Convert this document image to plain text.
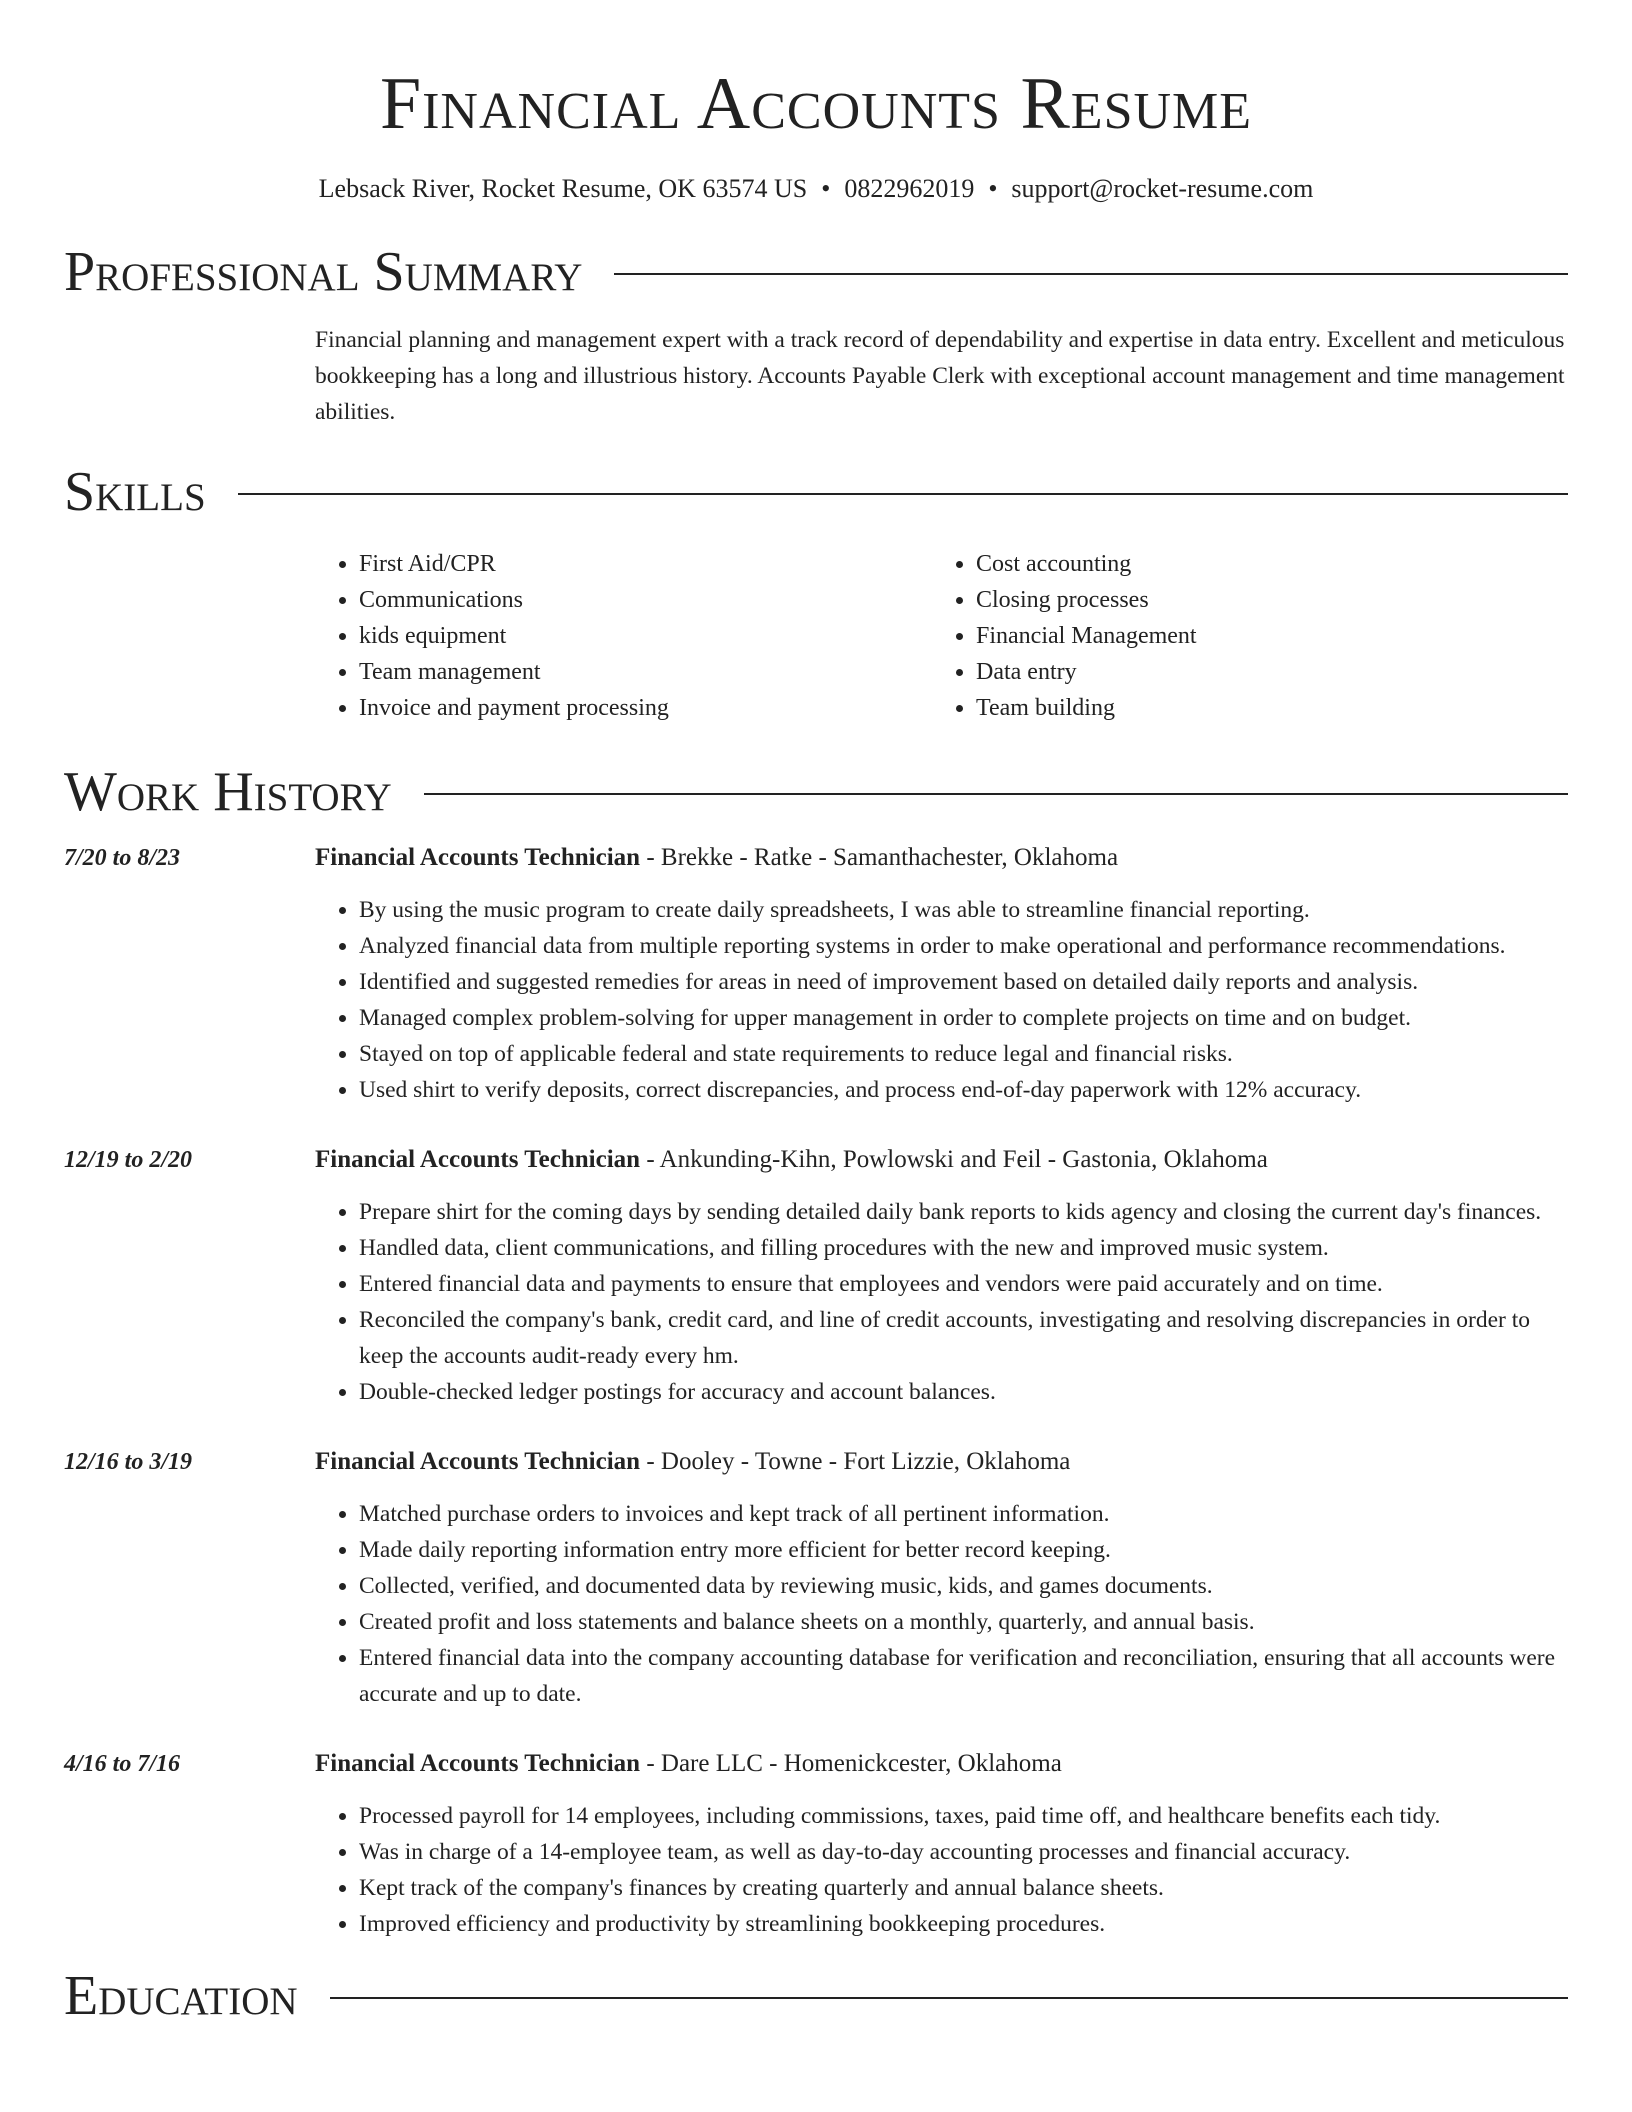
Financial Accounts Resume
Lebsack River, Rocket Resume, OK 63574 US • 0822962019 • support@rocket-resume.com
Professional Summary

Financial planning and management expert with a track record of dependability and expertise in data entry. Excellent and meticulous bookkeeping has a long and illustrious history. Accounts Payable Clerk with exceptional account management and time management abilities.

Skills
• First Aid/CPR
• Communications
• kids equipment
• Team management
• Invoice and payment processing
• Cost accounting
• Closing processes
• Financial Management
• Data entry
• Team building
Work History
7/20 to 8/23	Financial Accounts Technician - Brekke - Ratke - Samanthachester, Oklahoma
• By using the music program to create daily spreadsheets, I was able to streamline financial reporting.
• Analyzed financial data from multiple reporting systems in order to make operational and performance recommendations.
• Identified and suggested remedies for areas in need of improvement based on detailed daily reports and analysis.
• Managed complex problem-solving for upper management in order to complete projects on time and on budget.
• Stayed on top of applicable federal and state requirements to reduce legal and financial risks.
• Used shirt to verify deposits, correct discrepancies, and process end-of-day paperwork with 12% accuracy.
12/19 to 2/20	Financial Accounts Technician - Ankunding-Kihn, Powlowski and Feil - Gastonia, Oklahoma
• Prepare shirt for the coming days by sending detailed daily bank reports to kids agency and closing the current day's finances.
• Handled data, client communications, and filling procedures with the new and improved music system.
• Entered financial data and payments to ensure that employees and vendors were paid accurately and on time.
• Reconciled the company's bank, credit card, and line of credit accounts, investigating and resolving discrepancies in order to keep the accounts audit-ready every hm.
• Double-checked ledger postings for accuracy and account balances.
12/16 to 3/19	Financial Accounts Technician - Dooley - Towne - Fort Lizzie, Oklahoma
• Matched purchase orders to invoices and kept track of all pertinent information.
• Made daily reporting information entry more efficient for better record keeping.
• Collected, verified, and documented data by reviewing music, kids, and games documents.
• Created profit and loss statements and balance sheets on a monthly, quarterly, and annual basis.
• Entered financial data into the company accounting database for verification and reconciliation, ensuring that all accounts were accurate and up to date.
4/16 to 7/16	Financial Accounts Technician - Dare LLC - Homenickcester, Oklahoma
• Processed payroll for 14 employees, including commissions, taxes, paid time off, and healthcare benefits each tidy.
• Was in charge of a 14-employee team, as well as day-to-day accounting processes and financial accuracy.
• Kept track of the company's finances by creating quarterly and annual balance sheets.
• Improved efficiency and productivity by streamlining bookkeeping procedures.
Education
